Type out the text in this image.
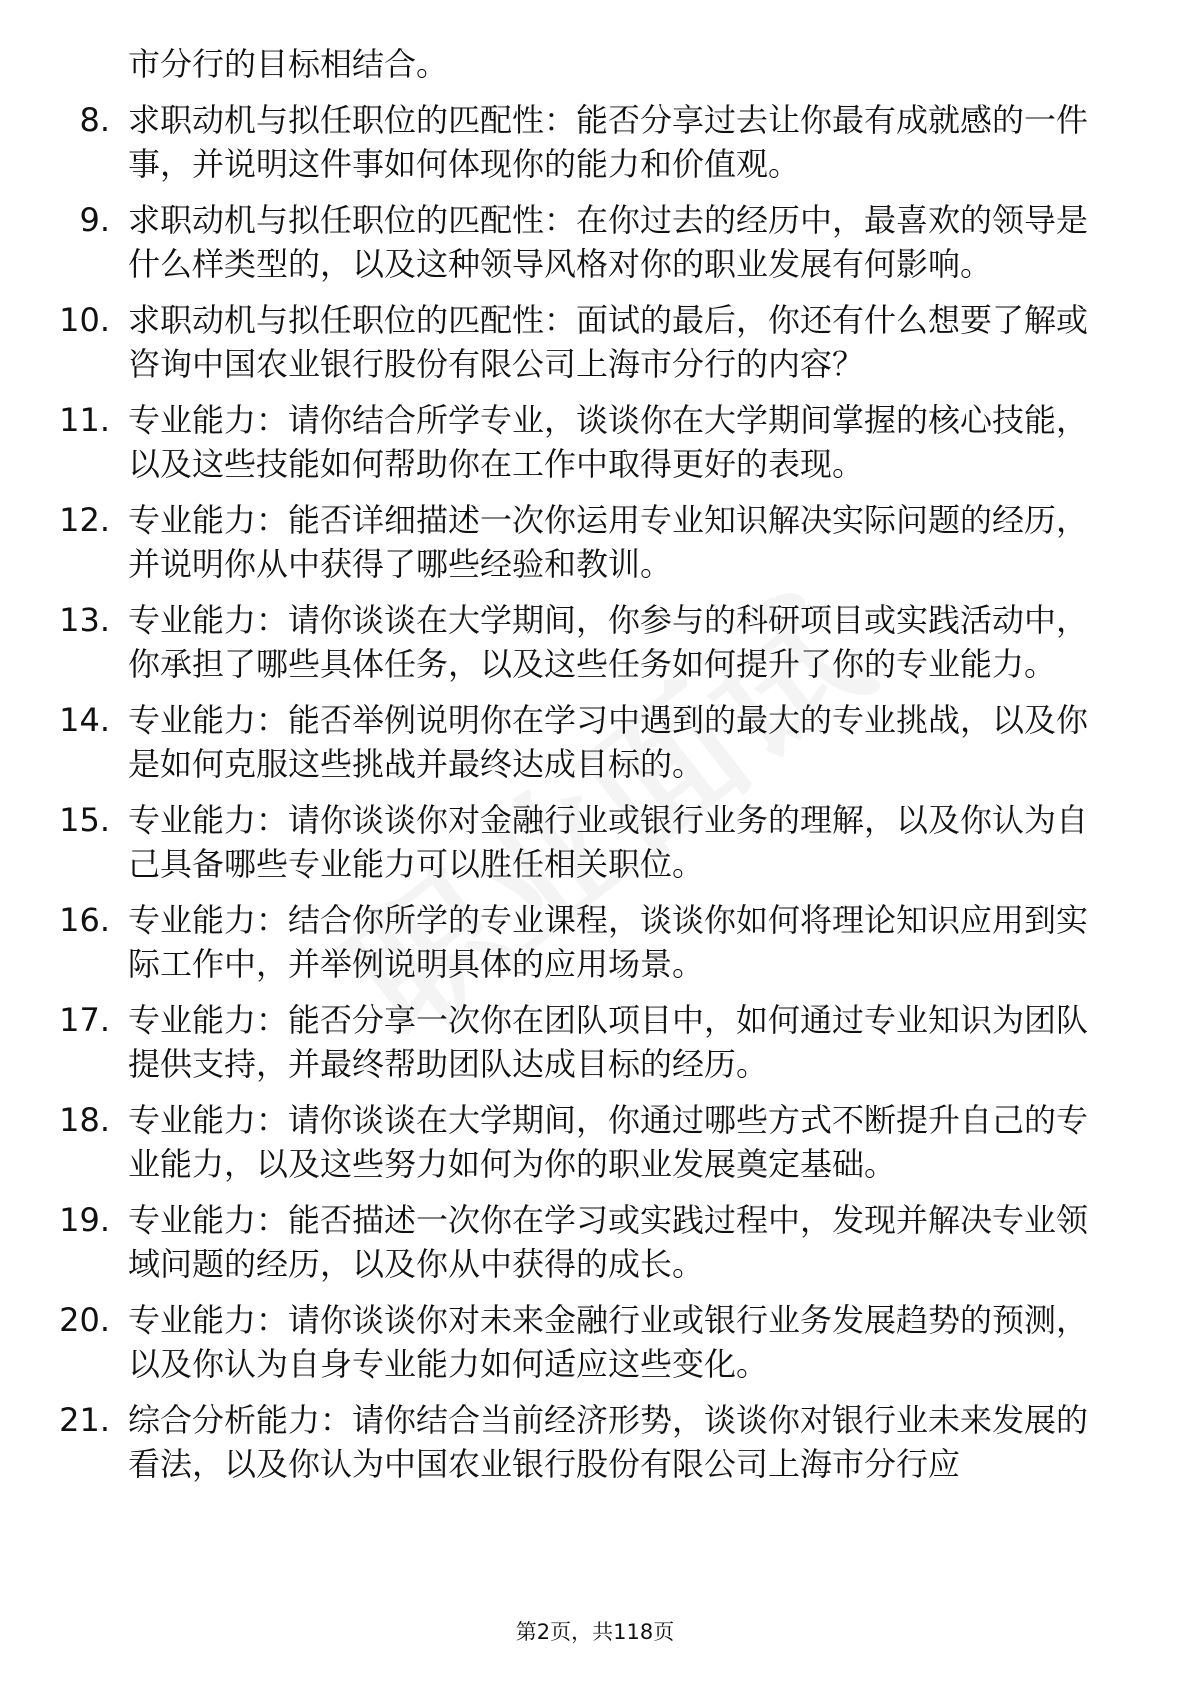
市分行的目标相结合。
8. 求职动机与拟任职位的匹配性：能否分享过去让你最有成就感的一件事，并说明这件事如何体现你的能力和价值观。
9. 求职动机与拟任职位的匹配性：在你过去的经历中，最喜欢的领导是什么样类型的，以及这种领导风格对你的职业发展有何影响。
10. 求职动机与拟任职位的匹配性：面试的最后，你还有什么想要了解或咨询中国农业银行股份有限公司上海市分行的内容？
11. 专业能力：请你结合所学专业，谈谈你在大学期间掌握的核心技能，以及这些技能如何帮助你在工作中取得更好的表现。
12. 专业能力：能否详细描述一次你运用专业知识解决实际问题的经历，并说明你从中获得了哪些经验和教训。
13. 专业能力：请你谈谈在大学期间，你参与的科研项目或实践活动中，你承担了哪些具体任务，以及这些任务如何提升了你的专业能力。
14. 专业能力：能否举例说明你在学习中遇到的最大的专业挑战，以及你是如何克服这些挑战并最终达成目标的。
15. 专业能力：请你谈谈你对金融行业或银行业务的理解，以及你认为自己具备哪些专业能力可以胜任相关职位。
16. 专业能力：结合你所学的专业课程，谈谈你如何将理论知识应用到实际工作中，并举例说明具体的应用场景。
17. 专业能力：能否分享一次你在团队项目中，如何通过专业知识为团队提供支持，并最终帮助团队达成目标的经历。
18. 专业能力：请你谈谈在大学期间，你通过哪些方式不断提升自己的专业能力，以及这些努力如何为你的职业发展奠定基础。
19. 专业能力：能否描述一次你在学习或实践过程中，发现并解决专业领域问题的经历，以及你从中获得的成长。
20. 专业能力：请你谈谈你对未来金融行业或银行业务发展趋势的预测，以及你认为自身专业能力如何适应这些变化。
21. 综合分析能力：请你结合当前经济形势，谈谈你对银行业未来发展的看法，以及你认为中国农业银行股份有限公司上海市分行应
第2页，共118页
